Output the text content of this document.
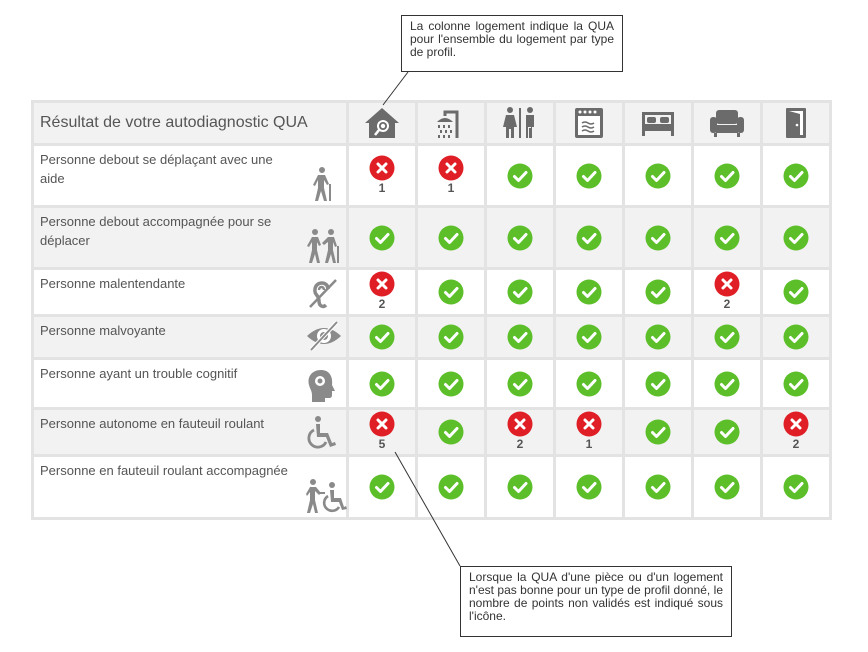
La colonne logement indique la QUA pour l'ensemble du logement par type de profil.
Lorsque la QUA d'une pièce ou d'un logement n'est pas bonne pour un type de profil donné, le nombre de points non validés est indiqué sous l'icône.
Résultat de votre autodiagnostic QUA	

Personne debout se déplaçant avec une aide	1	1

Personne debout accompagnée pour se déplacer

Personne malentendante	2					2

Personne malvoyante

Personne ayant un trouble cognitif

Personne autonome en fauteuil roulant	5		2	1			2

Personne en fauteuil roulant accompagnée
